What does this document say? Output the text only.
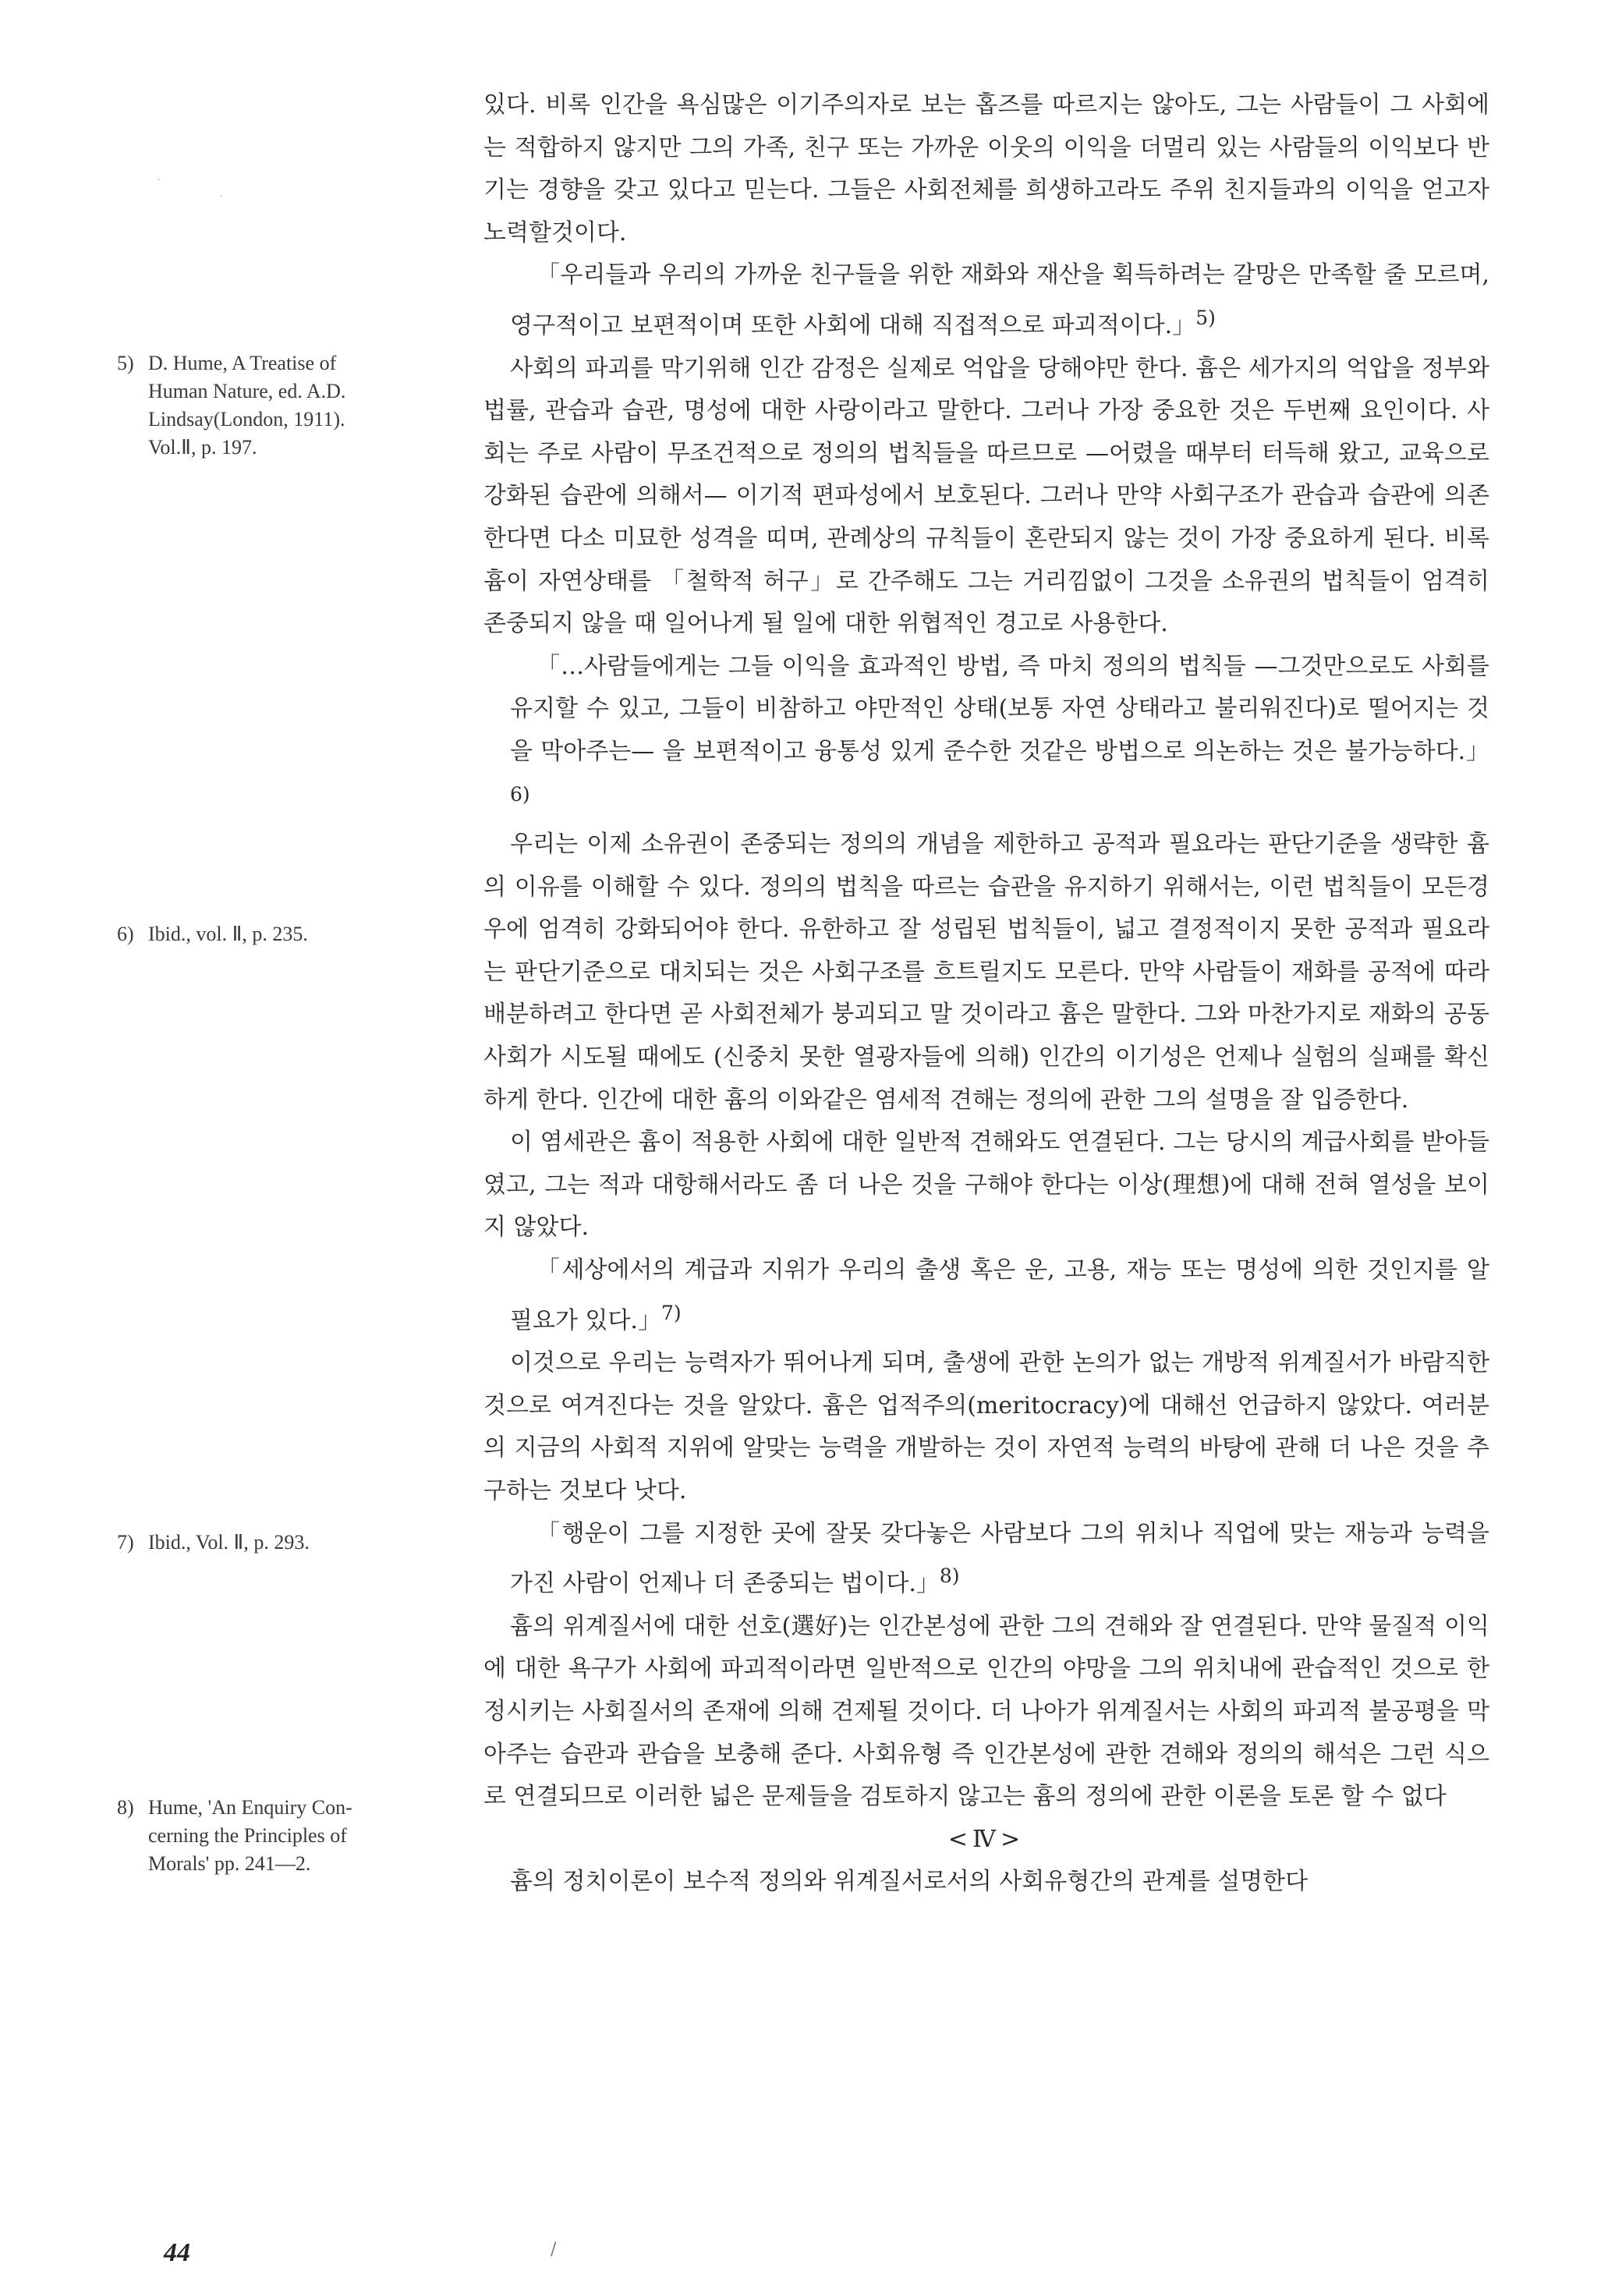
5) D. Hume, A Treatise of
Human Nature, ed. A.D.
Lindsay(London, 1911).
Vol.Ⅱ, p. 197.
6) Ibid., vol. Ⅱ, p. 235.
7) Ibid., Vol. Ⅱ, p. 293.
8) Hume, 'An Enquiry Con-
cerning the Principles of
Morals' pp. 241—2.

있다. 비록 인간을 욕심많은 이기주의자로 보는 홉즈를 따르지는 않아도, 그는 사람들이 그 사회에는 적합하지 않지만 그의 가족, 친구 또는 가까운 이웃의 이익을 더멀리 있는 사람들의 이익보다 반기는 경향을 갖고 있다고 믿는다. 그들은 사회전체를 희생하고라도 주위 친지들과의 이익을 얻고자 노력할것이다.

「우리들과 우리의 가까운 친구들을 위한 재화와 재산을 획득하려는 갈망은 만족할 줄 모르며, 영구적이고 보편적이며 또한 사회에 대해 직접적으로 파괴적이다.」$^{5)}$

사회의 파괴를 막기위해 인간 감정은 실제로 억압을 당해야만 한다. 흄은 세가지의 억압을 정부와 법률, 관습과 습관, 명성에 대한 사랑이라고 말한다. 그러나 가장 중요한 것은 두번째 요인이다. 사회는 주로 사람이 무조건적으로 정의의 법칙들을 따르므로 —어렸을 때부터 터득해 왔고, 교육으로 강화된 습관에 의해서— 이기적 편파성에서 보호된다. 그러나 만약 사회구조가 관습과 습관에 의존한다면 다소 미묘한 성격을 띠며, 관례상의 규칙들이 혼란되지 않는 것이 가장 중요하게 된다. 비록 흄이 자연상태를 「철학적 허구」로 간주해도 그는 거리낌없이 그것을 소유권의 법칙들이 엄격히 존중되지 않을 때 일어나게 될 일에 대한 위협적인 경고로 사용한다.

「…사람들에게는 그들 이익을 효과적인 방법, 즉 마치 정의의 법칙들 —그것만으로도 사회를 유지할 수 있고, 그들이 비참하고 야만적인 상태(보통 자연 상태라고 불리워진다)로 떨어지는 것을 막아주는— 을 보편적이고 융통성 있게 준수한 것같은 방법으로 의논하는 것은 불가능하다.」$^{6)}$

우리는 이제 소유권이 존중되는 정의의 개념을 제한하고 공적과 필요라는 판단기준을 생략한 흄의 이유를 이해할 수 있다. 정의의 법칙을 따르는 습관을 유지하기 위해서는, 이런 법칙들이 모든경우에 엄격히 강화되어야 한다. 유한하고 잘 성립된 법칙들이, 넓고 결정적이지 못한 공적과 필요라는 판단기준으로 대치되는 것은 사회구조를 흐트릴지도 모른다. 만약 사람들이 재화를 공적에 따라 배분하려고 한다면 곧 사회전체가 붕괴되고 말 것이라고 흄은 말한다. 그와 마찬가지로 재화의 공동사회가 시도될 때에도 (신중치 못한 열광자들에 의해) 인간의 이기성은 언제나 실험의 실패를 확신하게 한다. 인간에 대한 흄의 이와같은 염세적 견해는 정의에 관한 그의 설명을 잘 입증한다.

이 염세관은 흄이 적용한 사회에 대한 일반적 견해와도 연결된다. 그는 당시의 계급사회를 받아들였고, 그는 적과 대항해서라도 좀 더 나은 것을 구해야 한다는 이상(理想)에 대해 전혀 열성을 보이지 않았다.

「세상에서의 계급과 지위가 우리의 출생 혹은 운, 고용, 재능 또는 명성에 의한 것인지를 알 필요가 있다.」$^{7)}$

이것으로 우리는 능력자가 뛰어나게 되며, 출생에 관한 논의가 없는 개방적 위계질서가 바람직한 것으로 여겨진다는 것을 알았다. 흄은 업적주의(meritocracy)에 대해선 언급하지 않았다. 여러분의 지금의 사회적 지위에 알맞는 능력을 개발하는 것이 자연적 능력의 바탕에 관해 더 나은 것을 추구하는 것보다 낫다.

「행운이 그를 지정한 곳에 잘못 갖다놓은 사람보다 그의 위치나 직업에 맞는 재능과 능력을 가진 사람이 언제나 더 존중되는 법이다.」$^{8)}$

흄의 위계질서에 대한 선호(選好)는 인간본성에 관한 그의 견해와 잘 연결된다. 만약 물질적 이익에 대한 욕구가 사회에 파괴적이라면 일반적으로 인간의 야망을 그의 위치내에 관습적인 것으로 한정시키는 사회질서의 존재에 의해 견제될 것이다. 더 나아가 위계질서는 사회의 파괴적 불공평을 막아주는 습관과 관습을 보충해 준다. 사회유형 즉 인간본성에 관한 견해와 정의의 해석은 그런 식으로 연결되므로 이러한 넓은 문제들을 검토하지 않고는 흄의 정의에 관한 이론을 토론 할 수 없다

<Ⅳ>

흄의 정치이론이 보수적 정의와 위계질서로서의 사회유형간의 관계를 설명한다

44	/
·
·
